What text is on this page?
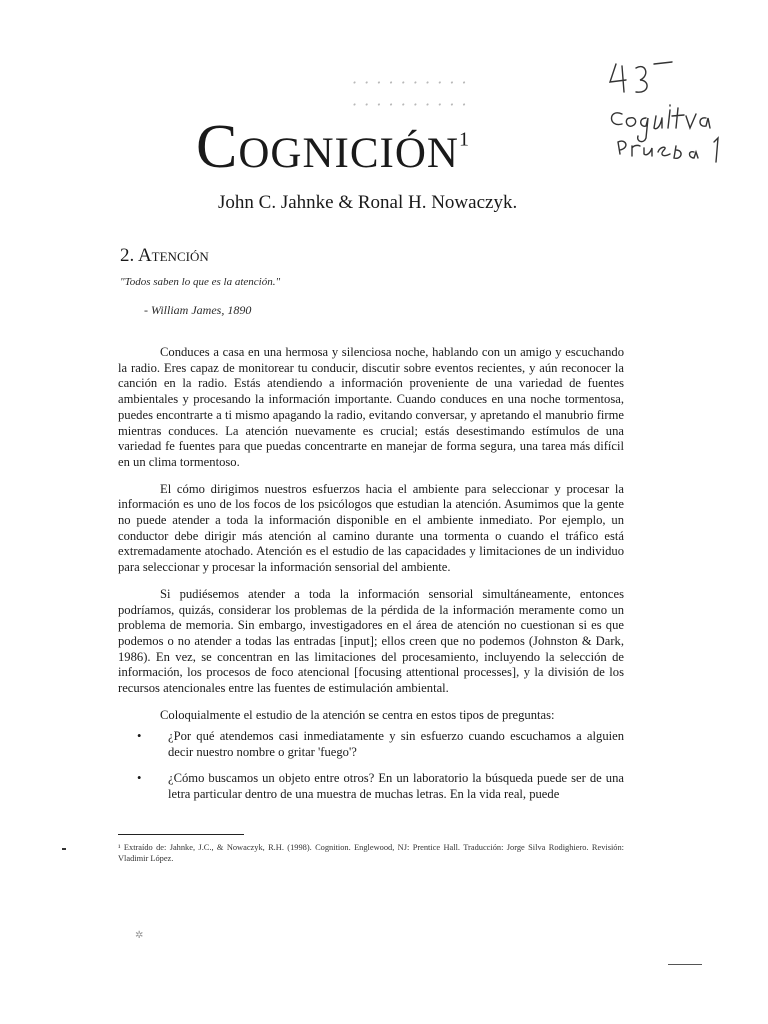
· · · · · · · · · ·
· · · · · · · · · ·
Cognición$^1$
John C. Jahnke & Ronal H. Nowaczyk.
2. Atención
"Todos saben lo que es la atención."
- William James, 1890

Conduces a casa en una hermosa y silenciosa noche, hablando con un amigo y escuchando la radio. Eres capaz de monitorear tu conducir, discutir sobre eventos recientes, y aún reconocer la canción en la radio. Estás atendiendo a información proveniente de una variedad de fuentes ambientales y procesando la información importante. Cuando conduces en una noche tormentosa, puedes encontrarte a ti mismo apagando la radio, evitando conversar, y apretando el manubrio firme mientras conduces. La atención nuevamente es crucial; estás desestimando estímulos de una variedad fe fuentes para que puedas concentrarte en manejar de forma segura, una tarea más difícil en un clima tormentoso.

El cómo dirigimos nuestros esfuerzos hacia el ambiente para seleccionar y procesar la información es uno de los focos de los psicólogos que estudian la atención. Asumimos que la gente no puede atender a toda la información disponible en el ambiente inmediato. Por ejemplo, un conductor debe dirigir más atención al camino durante una tormenta o cuando el tráfico está extremadamente atochado. Atención es el estudio de las capacidades y limitaciones de un individuo para seleccionar y procesar la información sensorial del ambiente.

Si pudiésemos atender a toda la información sensorial simultáneamente, entonces podríamos, quizás, considerar los problemas de la pérdida de la información meramente como un problema de memoria. Sin embargo, investigadores en el área de atención no cuestionan si es que podemos o no atender a todas las entradas [input]; ellos creen que no podemos (Johnston & Dark, 1986). En vez, se concentran en las limitaciones del procesamiento, incluyendo la selección de información, los procesos de foco atencional [focusing attentional processes], y la división de los recursos atencionales entre las fuentes de estimulación ambiental.

Coloquialmente el estudio de la atención se centra en estos tipos de preguntas:

• ¿Por qué atendemos casi inmediatamente y sin esfuerzo cuando escuchamos a alguien decir nuestro nombre o gritar 'fuego'?
• ¿Cómo buscamos un objeto entre otros? En un laboratorio la búsqueda puede ser de una letra particular dentro de una muestra de muchas letras. En la vida real, puede
¹ Extraído de: Jahnke, J.C., & Nowaczyk, R.H. (1998). Cognition. Englewood, NJ: Prentice Hall. Traducción: Jorge Silva Rodighiero. Revisión: Vladimir López.
✲
